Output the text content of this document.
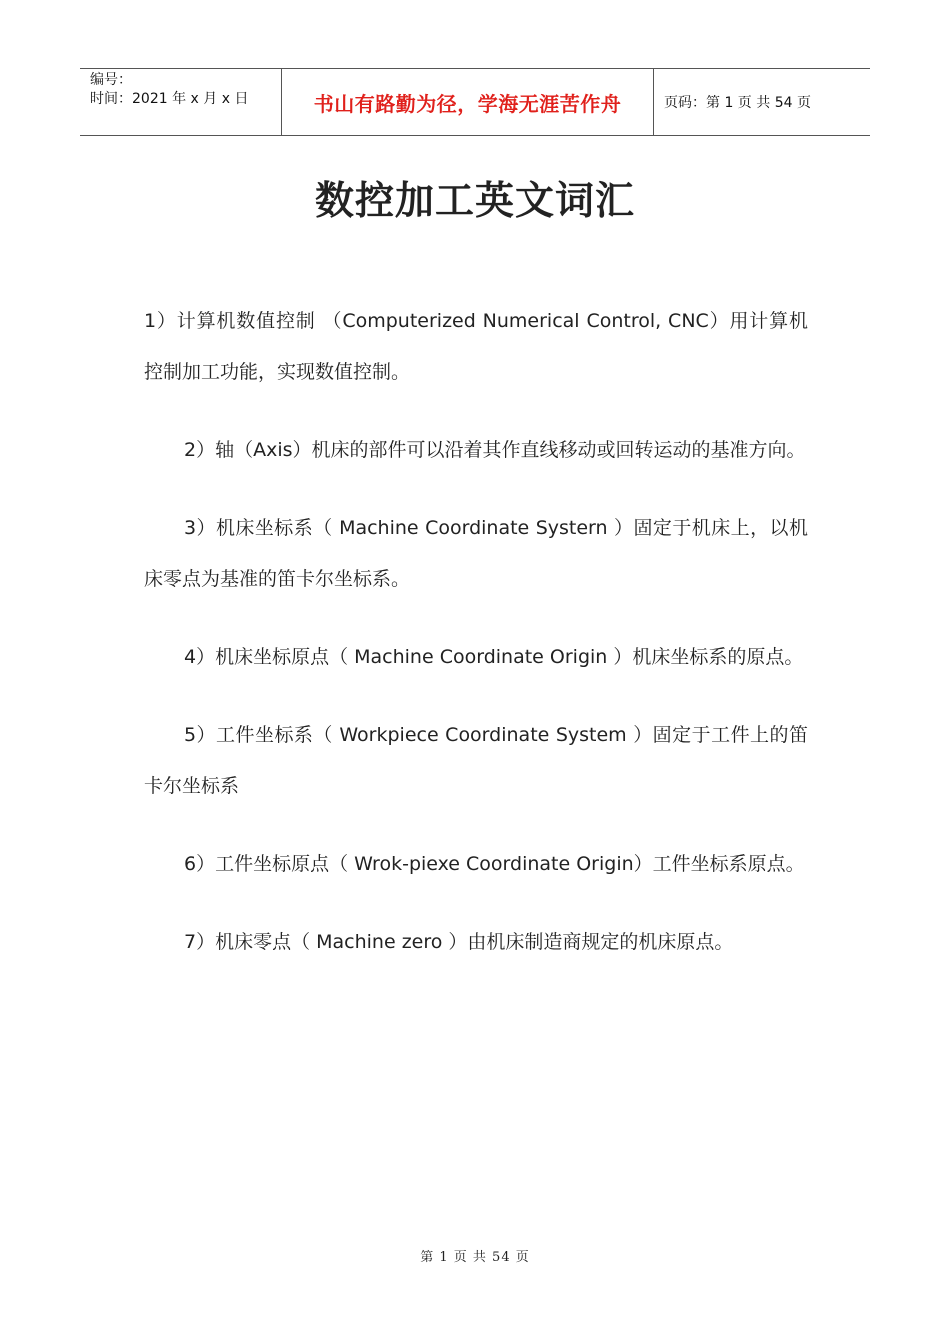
编号：
时间：2021 年 x 月 x 日	书山有路勤为径，学海无涯苦作舟	页码：第 1 页 共 54 页
数控加工英文词汇

1）计算机数值控制 （Computerized Numerical Control, CNC）用计算机控制加工功能，实现数值控制。

2）轴（Axis）机床的部件可以沿着其作直线移动或回转运动的基准方向。

3）机床坐标系（ Machine Coordinate Systern ）固定于机床上，以机床零点为基准的笛卡尔坐标系。

4）机床坐标原点（ Machine Coordinate Origin ）机床坐标系的原点。

5）工件坐标系（ Workpiece Coordinate System ）固定于工件上的笛卡尔坐标系

6）工件坐标原点（ Wrok-piexe Coordinate Origin）工件坐标系原点。

7）机床零点（ Machine zero ）由机床制造商规定的机床原点。

第 1 页 共 54 页
